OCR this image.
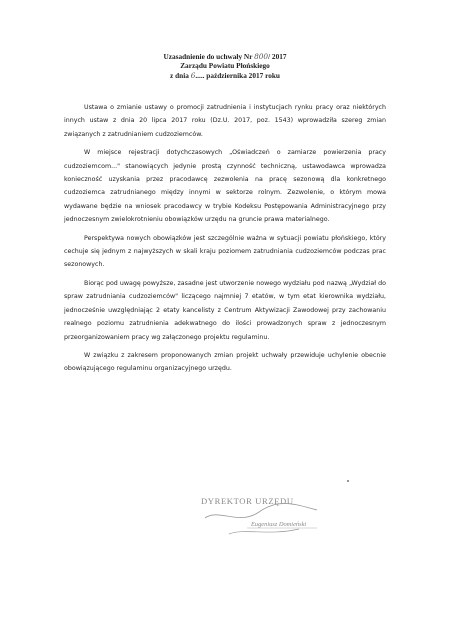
Uzasadnienie do uchwały Nr 800/ 2017
Zarządu Powiatu Płońskiego
z dnia 6..... października 2017 roku

Ustawa o zmianie ustawy o promocji zatrudnienia i instytucjach rynku pracy oraz niektórych innych ustaw z dnia 20 lipca 2017 roku (Dz.U. 2017, poz. 1543) wprowadziła szereg zmian związanych z zatrudnianiem cudzoziemców.

W miejsce rejestracji dotychczasowych „Oświadczeń o zamiarze powierzenia pracy cudzoziemcom..." stanowiących jedynie prostą czynność techniczną, ustawodawca wprowadza konieczność uzyskania przez pracodawcę zezwolenia na pracę sezonową dla konkretnego cudzoziemca zatrudnianego między innymi w sektorze rolnym. Zezwolenie, o którym mowa wydawane będzie na wniosek pracodawcy w trybie Kodeksu Postępowania Administracyjnego przy jednoczesnym zwielokrotnieniu obowiązków urzędu na gruncie prawa materialnego.

Perspektywa nowych obowiązków jest szczególnie ważna w sytuacji powiatu płońskiego, który cechuje się jednym z najwyższych w skali kraju poziomem zatrudniania cudzoziemców podczas prac sezonowych.

Biorąc pod uwagę powyższe, zasadne jest utworzenie nowego wydziału pod nazwą „Wydział do spraw zatrudniania cudzoziemców" liczącego najmniej 7 etatów, w tym etat kierownika wydziału, jednocześnie uwzględniając 2 etaty kancelisty z Centrum Aktywizacji Zawodowej przy zachowaniu realnego poziomu zatrudnienia adekwatnego do ilości prowadzonych spraw z jednoczesnym przeorganizowaniem pracy wg załączonego projektu regulaminu.

W związku z zakresem proponowanych zmian projekt uchwały przewiduje uchylenie obecnie obowiązującego regulaminu organizacyjnego urzędu.

DYREKTOR URZĘDU
Eugeniusz Domieński
